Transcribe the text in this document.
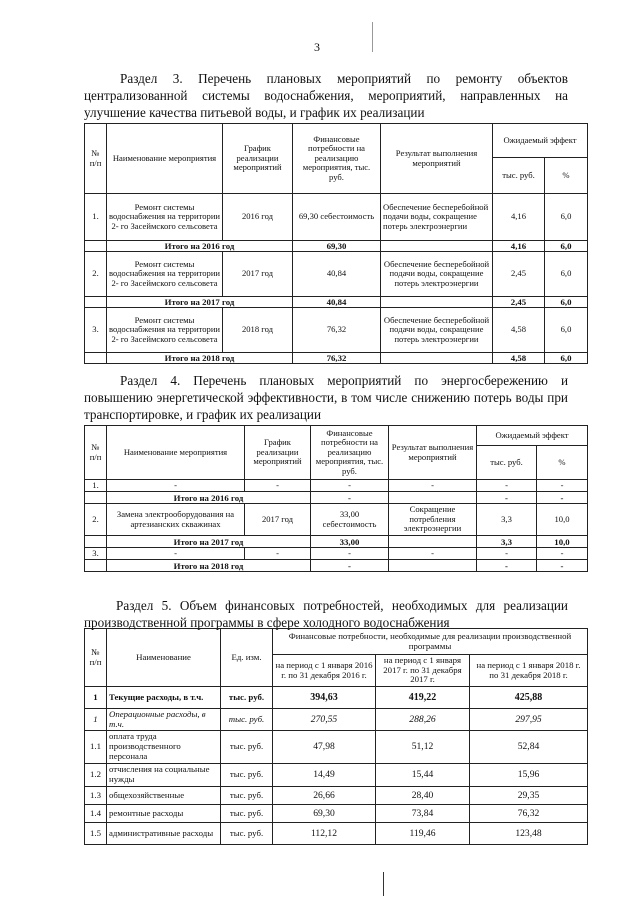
3
Раздел 3. Перечень плановых мероприятий по ремонту объектов централизованной системы водоснабжения, мероприятий, направленных на улучшение качества питьевой воды, и график их реализации
№ п/п	Наименование мероприятия	График реализации мероприятий	Финансовые потребности на реализацию мероприятия, тыс. руб.	Результат выполнения мероприятий	Ожидаемый эффект	
					тыс. руб.	%
1.	Ремонт системы водоснабжения на территории 2- го Засеймского сельсовета	2016 год	69,30 себестоимость	Обеспечение бесперебойной подачи воды, сокращение потерь электроэнергии	4,16	6,0
	Итого на 2016 год		69,30		4,16	6,0
2.	Ремонт системы водоснабжения на территории 2- го Засеймского сельсовета	2017 год	40,84	Обеспечение бесперебойной подачи воды, сокращение потерь электроэнергии	2,45	6,0
	Итого на 2017 год		40,84		2,45	6,0
3.	Ремонт системы водоснабжения на территории 2- го Засеймского сельсовета	2018 год	76,32	Обеспечение бесперебойной подачи воды, сокращение потерь электроэнергии	4,58	6,0
	Итого на 2018 год		76,32		4,58	6,0
Раздел 4. Перечень плановых мероприятий по энергосбережению и повышению энергетической эффективности, в том числе снижению потерь воды при транспортировке, и график их реализации
№ п/п	Наименование мероприятия	График реализации мероприятий	Финансовые потребности на реализацию мероприятия, тыс. руб.	Результат выполнения мероприятий	Ожидаемый эффект	
					тыс. руб.	%
1.	-	-	-	-	-	-
	Итого на 2016 год		-		-	-
2.	Замена электрооборудования на артезианских скважинах	2017 год	33,00 себестоимость	Сокращение потребления электроэнергии	3,3	10,0
	Итого на 2017 год		33,00		3,3	10,0
3.	-	-	-	-	-	-
	Итого на 2018 год		-		-	-
Раздел 5. Объем финансовых потребностей, необходимых для реализации производственной программы в сфере холодного водоснабжения
№ п/п	Наименование	Ед. изм.	Финансовые потребности, необходимые для реализации производственной программы		
			на период с 1 января 2016 г. по 31 декабря 2016 г.	на период с 1 января 2017 г. по 31 декабря 2017 г.	на период с 1 января 2018 г. по 31 декабря 2018 г.
1	Текущие расходы, в т.ч.	тыс. руб.	394,63	419,22	425,88
1	Операционные расходы, в т.ч.	тыс. руб.	270,55	288,26	297,95
1.1	оплата труда производственного персонала	тыс. руб.	47,98	51,12	52,84
1.2	отчисления на социальные нужды	тыс. руб.	14,49	15,44	15,96
1.3	общехозяйственные	тыс. руб.	26,66	28,40	29,35
1.4	ремонтные расходы	тыс. руб.	69,30	73,84	76,32
1.5	административные расходы	тыс. руб.	112,12	119,46	123,48
